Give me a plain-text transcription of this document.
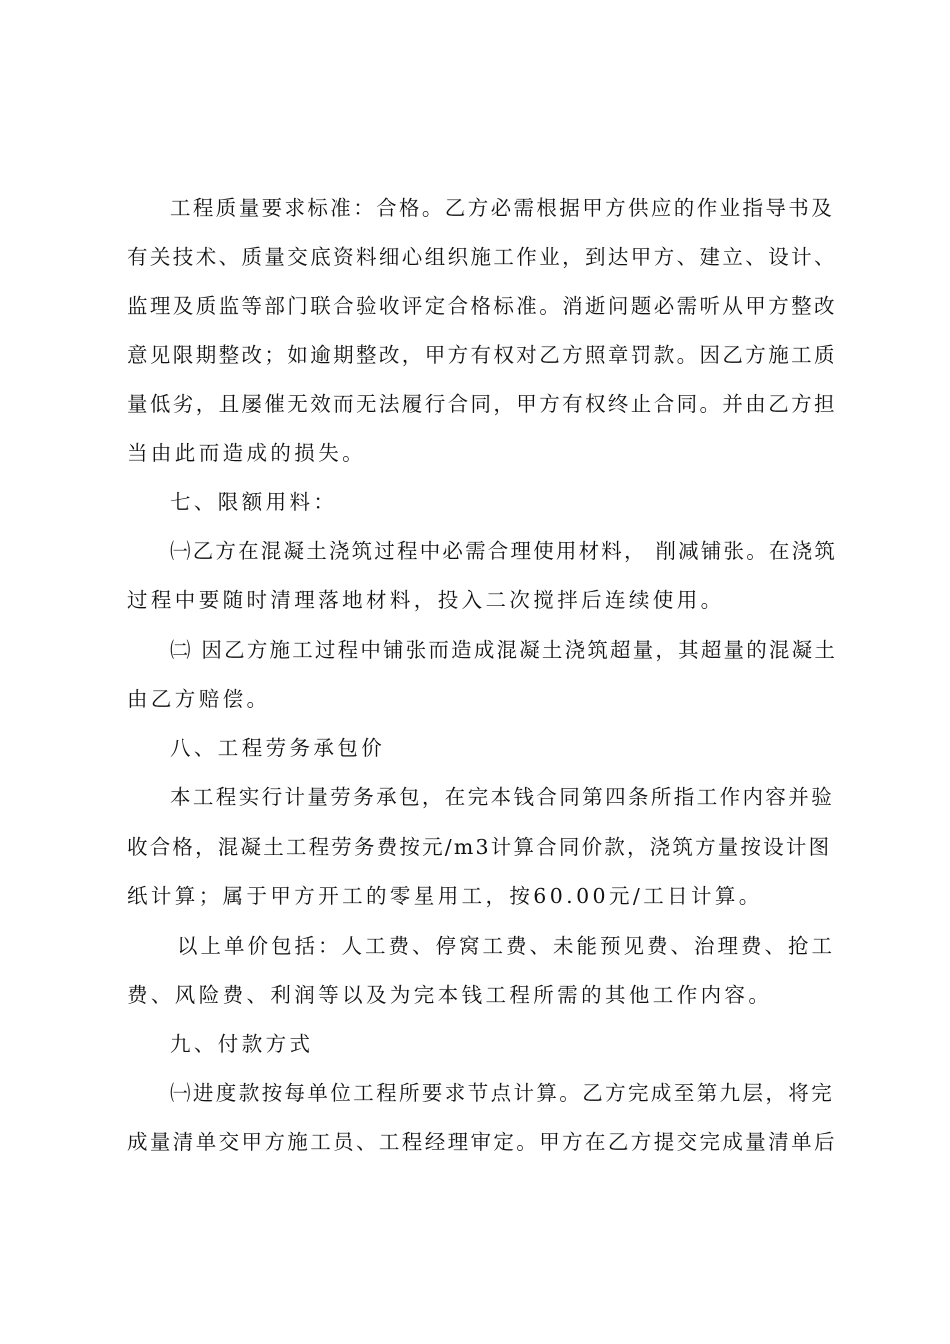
工程质量要求标准：合格。乙方必需根据甲方供应的作业指导书及
有关技术、质量交底资料细心组织施工作业，到达甲方、建立、设计、
监理及质监等部门联合验收评定合格标准。消逝问题必需听从甲方整改
意见限期整改；如逾期整改，甲方有权对乙方照章罚款。因乙方施工质
量低劣，且屡催无效而无法履行合同，甲方有权终止合同。并由乙方担
当由此而造成的损失。
七、限额用料：
㈠乙方在混凝土浇筑过程中必需合理使用材料， 削减铺张。在浇筑
过程中要随时清理落地材料，投入二次搅拌后连续使用。
㈡ 因乙方施工过程中铺张而造成混凝土浇筑超量，其超量的混凝土
由乙方赔偿。
八、工程劳务承包价
本工程实行计量劳务承包，在完本钱合同第四条所指工作内容并验
收合格，混凝土工程劳务费按元/m3计算合同价款，浇筑方量按设计图
纸计算；属于甲方开工的零星用工，按60.00元/工日计算。
以上单价包括：人工费、停窝工费、未能预见费、治理费、抢工
费、风险费、利润等以及为完本钱工程所需的其他工作内容。
九、付款方式
㈠进度款按每单位工程所要求节点计算。乙方完成至第九层，将完
成量清单交甲方施工员、工程经理审定。甲方在乙方提交完成量清单后
